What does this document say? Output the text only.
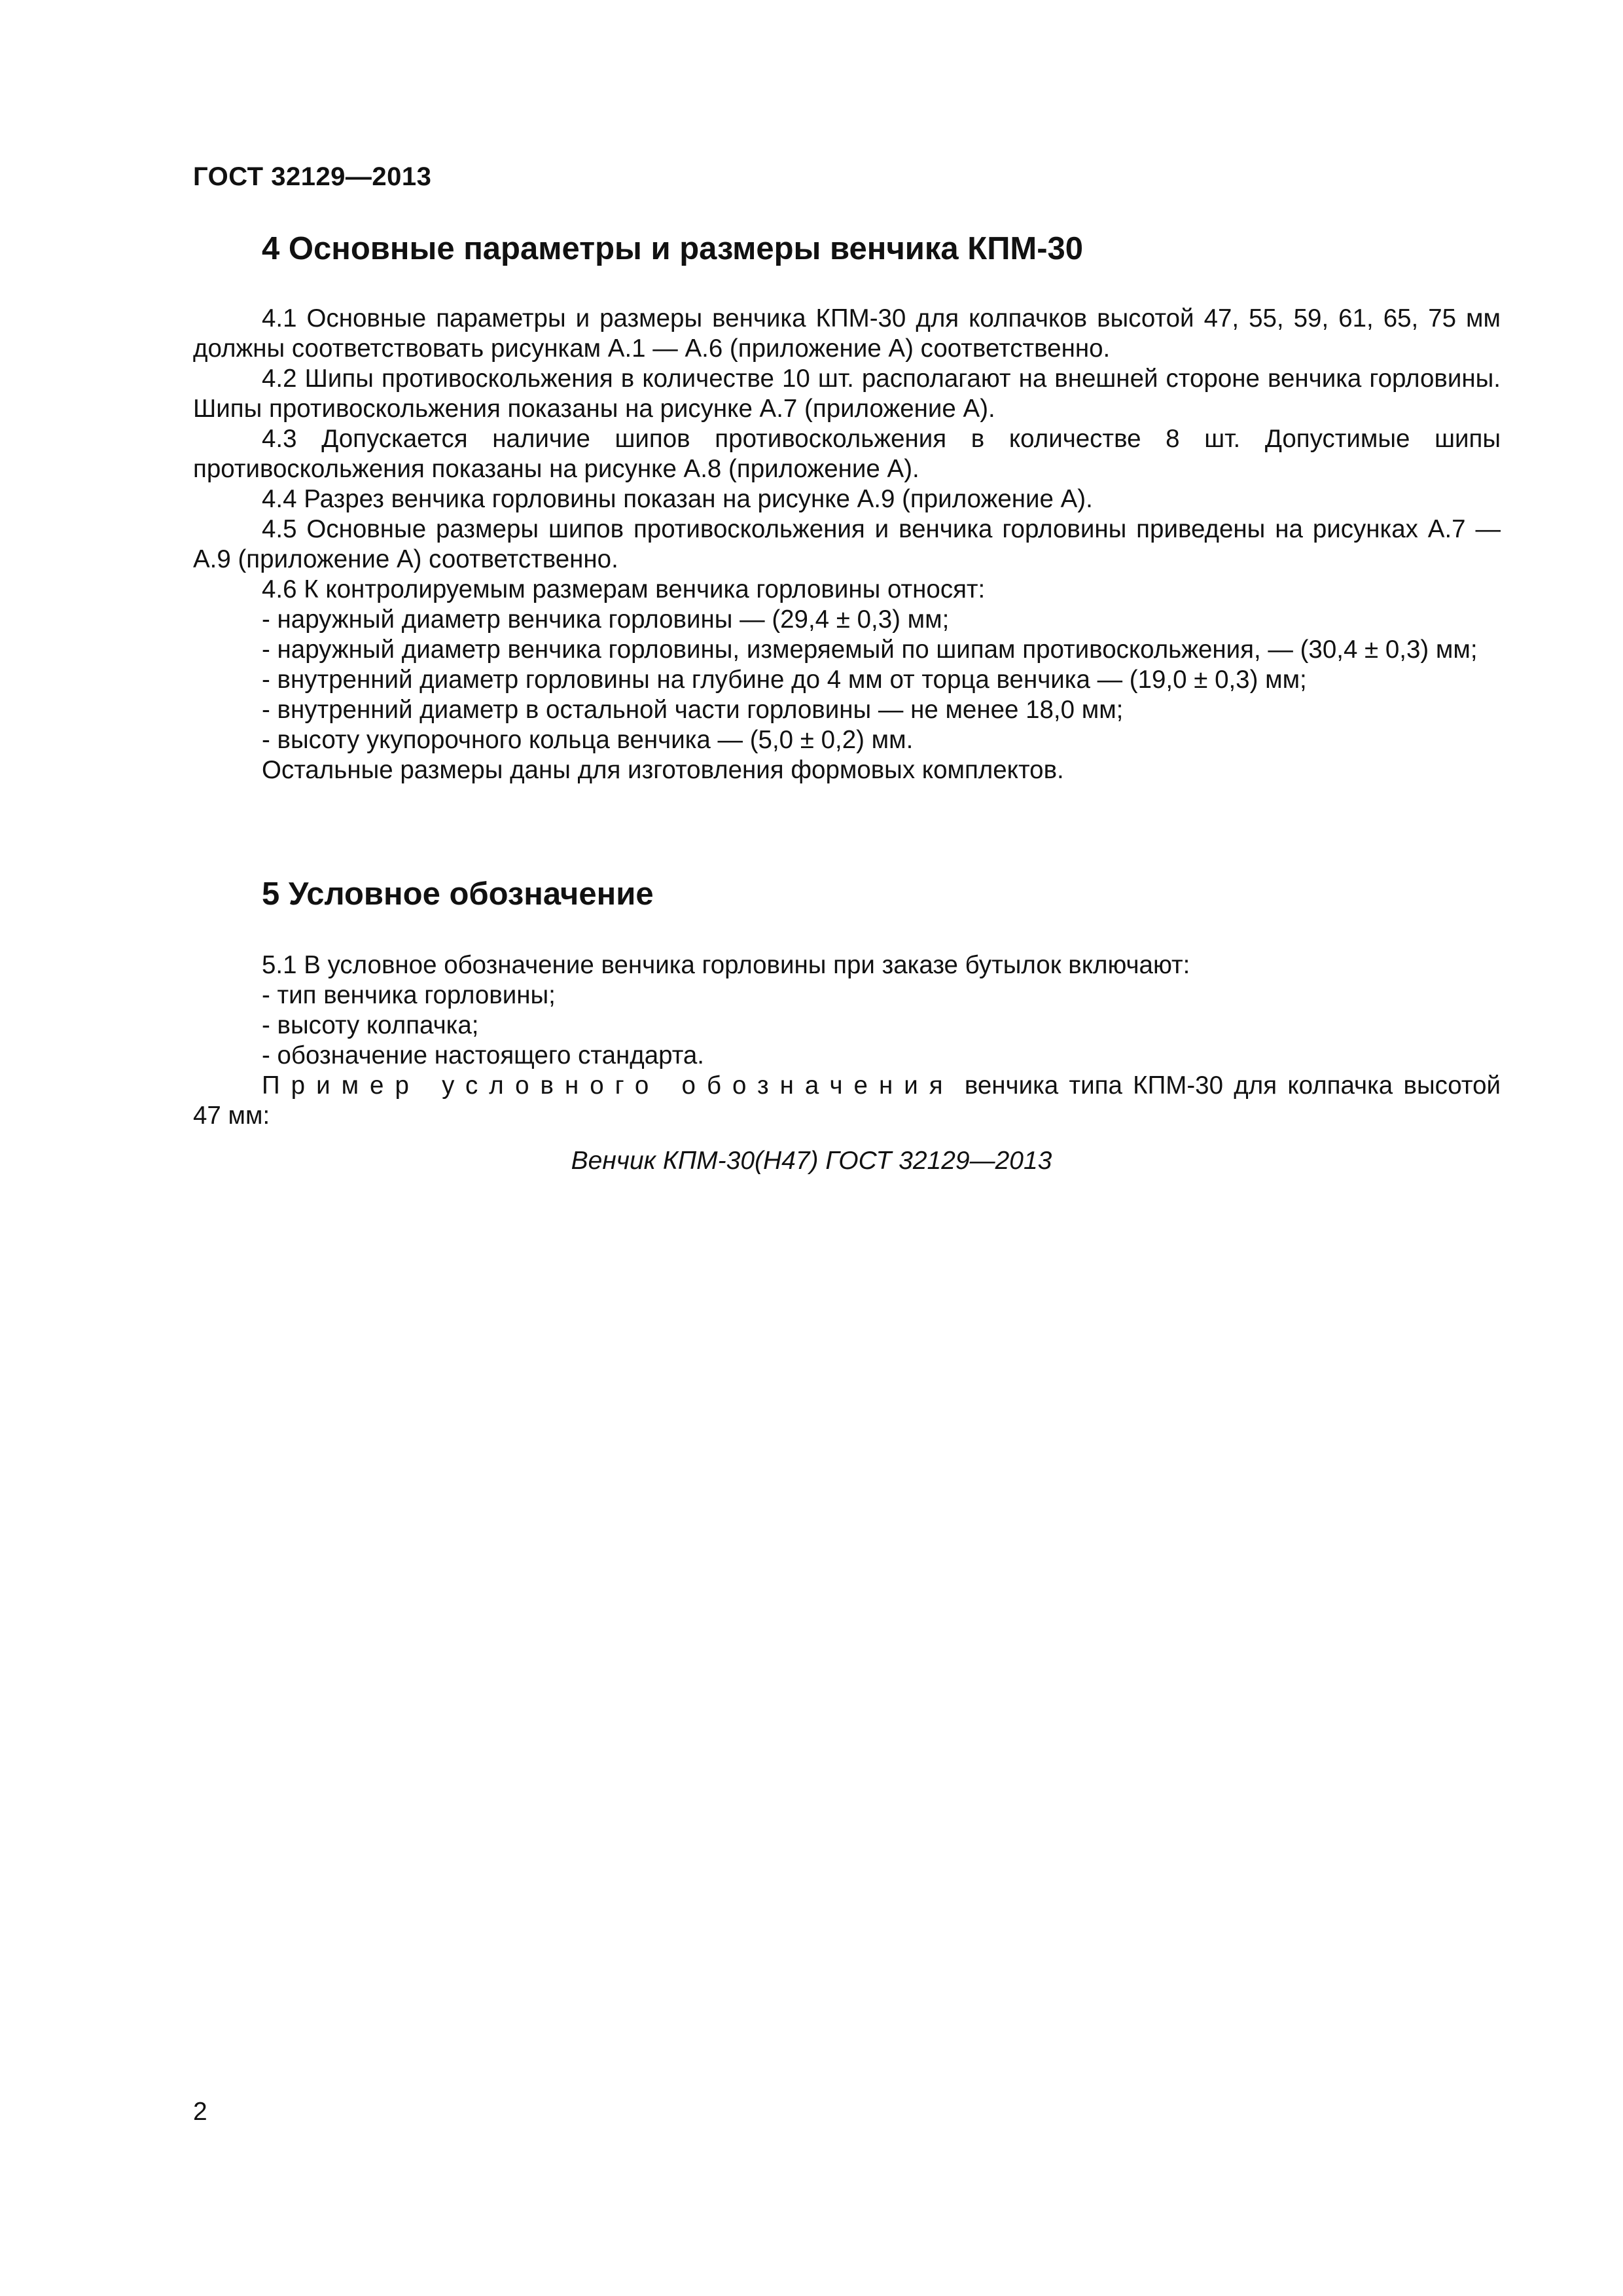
ГОСТ 32129—2013
4 Основные параметры и размеры венчика КПМ-30

4.1 Основные параметры и размеры венчика КПМ-30 для колпачков высотой 47, 55, 59, 61, 65, 75 мм должны соответствовать рисункам А.1 — А.6 (приложение А) соответственно.

4.2 Шипы противоскольжения в количестве 10 шт. располагают на внешней стороне венчика горловины. Шипы противоскольжения показаны на рисунке А.7 (приложение А).

4.3 Допускается наличие шипов противоскольжения в количестве 8 шт. Допустимые шипы противоскольжения показаны на рисунке А.8 (приложение А).

4.4 Разрез венчика горловины показан на рисунке А.9 (приложение А).

4.5 Основные размеры шипов противоскольжения и венчика горловины приведены на рисунках А.7 — А.9 (приложение А) соответственно.

4.6 К контролируемым размерам венчика горловины относят:

- наружный диаметр венчика горловины — (29,4 ± 0,3) мм;

- наружный диаметр венчика горловины, измеряемый по шипам противоскольжения, — (30,4 ± 0,3) мм;

- внутренний диаметр горловины на глубине до 4 мм от торца венчика — (19,0 ± 0,3) мм;

- внутренний диаметр в остальной части горловины — не менее 18,0 мм;

- высоту укупорочного кольца венчика — (5,0 ± 0,2) мм.

Остальные размеры даны для изготовления формовых комплектов.

5 Условное обозначение

5.1 В условное обозначение венчика горловины при заказе бутылок включают:

- тип венчика горловины;

- высоту колпачка;

- обозначение настоящего стандарта.

Пример условного обозначения венчика типа КПМ-30 для колпачка высотой 47 мм:

Венчик КПМ-30(Н47) ГОСТ 32129—2013
2
